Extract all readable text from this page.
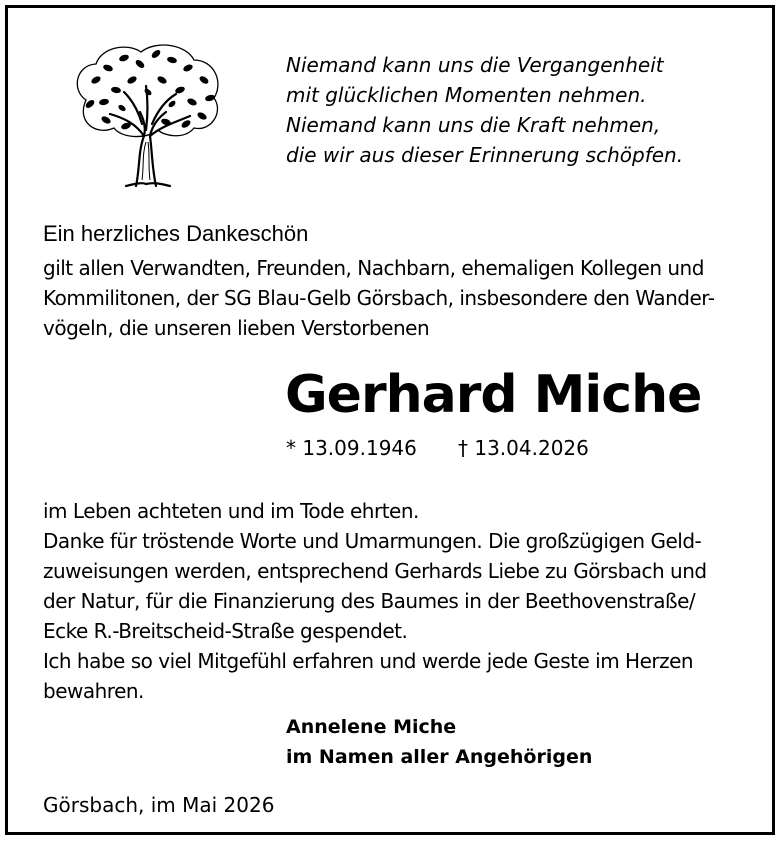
Niemand kann uns die Vergangenheit
mit glücklichen Momenten nehmen.
Niemand kann uns die Kraft nehmen,
die wir aus dieser Erinnerung schöpfen.
Ein herzliches Dankeschön
gilt allen Verwandten, Freunden, Nachbarn, ehemaligen Kollegen und
Kommilitonen, der SG Blau-Gelb Görsbach, insbesondere den Wander-
vögeln, die unseren lieben Verstorbenen
Gerhard Miche
* 13.09.1946 † 13.04.2026
im Leben achteten und im Tode ehrten.
Danke für tröstende Worte und Umarmungen. Die großzügigen Geld-
zuweisungen werden, entsprechend Gerhards Liebe zu Görsbach und
der Natur, für die Finanzierung des Baumes in der Beethovenstraße/
Ecke R.-Breitscheid-Straße gespendet.
Ich habe so viel Mitgefühl erfahren und werde jede Geste im Herzen
bewahren.
Annelene Miche
im Namen aller Angehörigen
Görsbach, im Mai 2026
